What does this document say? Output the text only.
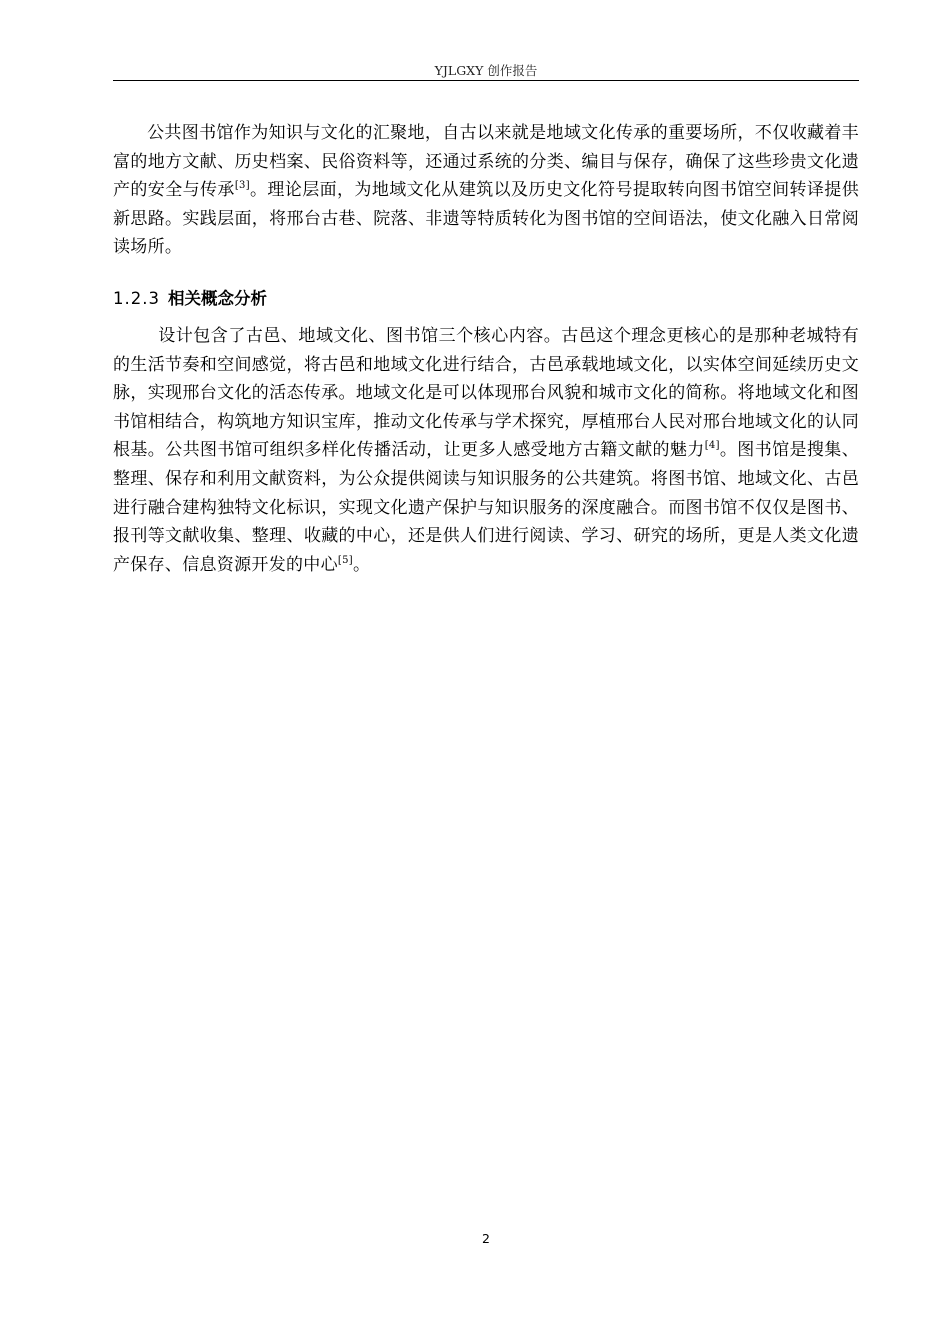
YJLGXY 创作报告
公共图书馆作为知识与文化的汇聚地，自古以来就是地域文化传承的重要场所，不仅收藏着丰富的地方文献、历史档案、民俗资料等，还通过系统的分类、编目与保存，确保了这些珍贵文化遗产的安全与传承[3]。理论层面，为地域文化从建筑以及历史文化符号提取转向图书馆空间转译提供新思路。实践层面，将邢台古巷、院落、非遗等特质转化为图书馆的空间语法，使文化融入日常阅读场所。
1.2.3 相关概念分析
设计包含了古邑、地域文化、图书馆三个核心内容。古邑这个理念更核心的是那种老城特有的生活节奏和空间感觉，将古邑和地域文化进行结合，古邑承载地域文化，以实体空间延续历史文脉，实现邢台文化的活态传承。地域文化是可以体现邢台风貌和城市文化的简称。将地域文化和图书馆相结合，构筑地方知识宝库，推动文化传承与学术探究，厚植邢台人民对邢台地域文化的认同根基。公共图书馆可组织多样化传播活动，让更多人感受地方古籍文献的魅力[4]。图书馆是搜集、整理、保存和利用文献资料，为公众提供阅读与知识服务的公共建筑。将图书馆、地域文化、古邑进行融合建构独特文化标识，实现文化遗产保护与知识服务的深度融合。而图书馆不仅仅是图书、报刊等文献收集、整理、收藏的中心，还是供人们进行阅读、学习、研究的场所，更是人类文化遗产保存、信息资源开发的中心[5]。
2
